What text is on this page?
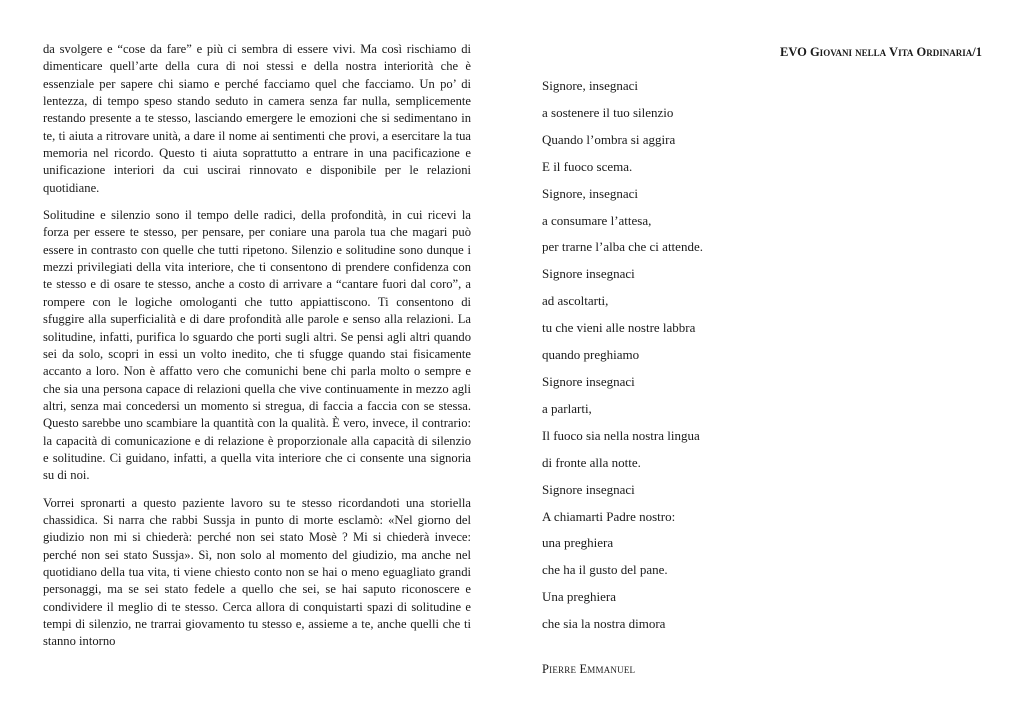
da svolgere e “cose da fare” e più ci sembra di essere vivi. Ma così rischiamo di dimenticare quell’arte della cura di noi stessi e della nostra interiorità che è essenziale per sapere chi siamo e perché facciamo quel che facciamo. Un po’ di lentezza, di tempo speso stando seduto in camera senza far nulla, semplicemente restando presente a te stesso, lasciando emergere le emozioni che si sedimentano in te, ti aiuta a ritrovare unità, a dare il nome ai sentimenti che provi, a esercitare la tua memoria nel ricordo. Questo ti aiuta soprattutto a entrare in una pacificazione e unificazione interiori da cui uscirai rinnovato e disponibile per le relazioni quotidiane.

Solitudine e silenzio sono il tempo delle radici, della profondità, in cui ricevi la forza per essere te stesso, per pensare, per coniare una parola tua che magari può essere in contrasto con quelle che tutti ripetono. Silenzio e solitudine sono dunque i mezzi privilegiati della vita interiore, che ti consentono di prendere confidenza con te stesso e di osare te stesso, anche a costo di arrivare a “cantare fuori dal coro”, a rompere con le logiche omologanti che tutto appiattiscono. Ti consentono di sfuggire alla superficialità e di dare profondità alle parole e senso alla relazioni. La solitudine, infatti, purifica lo sguardo che porti sugli altri. Se pensi agli altri quando sei da solo, scopri in essi un volto inedito, che ti sfugge quando stai fisicamente accanto a loro. Non è affatto vero che comunichi bene chi parla molto o sempre e che sia una persona capace di relazioni quella che vive continuamente in mezzo agli altri, senza mai concedersi un momento si stregua, di faccia a faccia con se stessa. Questo sarebbe uno scambiare la quantità con la qualità. È vero, invece, il contrario: la capacità di comunicazione e di relazione è proporzionale alla capacità di silenzio e solitudine. Ci guidano, infatti, a quella vita interiore che ci consente una signoria su di noi.

Vorrei spronarti a questo paziente lavoro su te stesso ricordandoti una storiella chassidica. Si narra che rabbi Sussja in punto di morte esclamò: «Nel giorno del giudizio non mi si chiederà: perché non sei stato Mosè ? Mi si chiederà invece: perché non sei stato Sussja». Sì, non solo al momento del giudizio, ma anche nel quotidiano della tua vita, ti viene chiesto conto non se hai o meno eguagliato grandi personaggi, ma se sei stato fedele a quello che sei, se hai saputo riconoscere e condividere il meglio di te stesso. Cerca allora di conquistarti spazi di solitudine e tempi di silenzio, ne trarrai giovamento tu stesso e, assieme a te, anche quelli che ti stanno intorno

EVO Giovani nella Vita Ordinaria/1
Signore, insegnaci
a sostenere il tuo silenzio
Quando l’ombra si aggira
E il fuoco scema.
Signore, insegnaci
a consumare l’attesa,
per trarne l’alba che ci attende.
Signore insegnaci
ad ascoltarti,
tu che vieni alle nostre labbra
quando preghiamo
Signore insegnaci
a parlarti,
Il fuoco sia nella nostra lingua
di fronte alla notte.
Signore insegnaci
A chiamarti Padre nostro:
una preghiera
che ha il gusto del pane.
Una preghiera
che sia la nostra dimora
Pierre Emmanuel
